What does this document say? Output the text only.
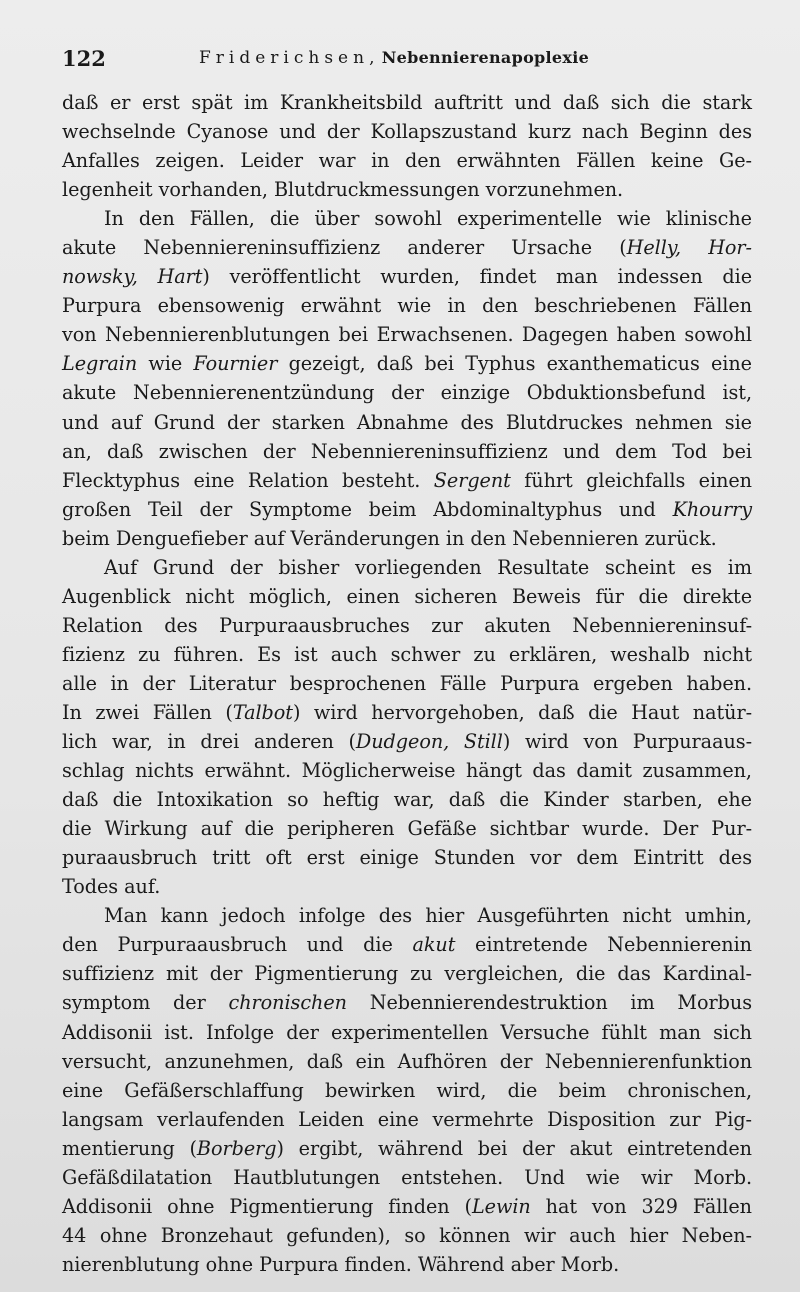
122	Friderichsen, Nebennierenapoplexie
daß er erst spät im Krankheitsbild auftritt und daß sich die stark
wechselnde Cyanose und der Kollapszustand kurz nach Beginn des
Anfalles zeigen. Leider war in den erwähnten Fällen keine Ge-
legenheit vorhanden, Blutdruckmessungen vorzunehmen.
In den Fällen, die über sowohl experimentelle wie klinische
akute Nebenniereninsuffizienz anderer Ursache (Helly, Hor-
nowsky, Hart) veröffentlicht wurden, findet man indessen die
Purpura ebensowenig erwähnt wie in den beschriebenen Fällen
von Nebennierenblutungen bei Erwachsenen. Dagegen haben sowohl
Legrain wie Fournier gezeigt, daß bei Typhus exanthematicus eine
akute Nebennierenentzündung der einzige Obduktionsbefund ist,
und auf Grund der starken Abnahme des Blutdruckes nehmen sie
an, daß zwischen der Nebenniereninsuffizienz und dem Tod bei
Flecktyphus eine Relation besteht. Sergent führt gleichfalls einen
großen Teil der Symptome beim Abdominaltyphus und Khourry
beim Denguefieber auf Veränderungen in den Nebennieren zurück.
Auf Grund der bisher vorliegenden Resultate scheint es im
Augenblick nicht möglich, einen sicheren Beweis für die direkte
Relation des Purpuraausbruches zur akuten Nebenniereninsuf-
fizienz zu führen. Es ist auch schwer zu erklären, weshalb nicht
alle in der Literatur besprochenen Fälle Purpura ergeben haben.
In zwei Fällen (Talbot) wird hervorgehoben, daß die Haut natür-
lich war, in drei anderen (Dudgeon, Still) wird von Purpuraaus-
schlag nichts erwähnt. Möglicherweise hängt das damit zusammen,
daß die Intoxikation so heftig war, daß die Kinder starben, ehe
die Wirkung auf die peripheren Gefäße sichtbar wurde. Der Pur-
puraausbruch tritt oft erst einige Stunden vor dem Eintritt des
Todes auf.
Man kann jedoch infolge des hier Ausgeführten nicht umhin,
den Purpuraausbruch und die akut eintretende Nebennierenin
suffizienz mit der Pigmentierung zu vergleichen, die das Kardinal-
symptom der chronischen Nebennierendestruktion im Morbus
Addisonii ist. Infolge der experimentellen Versuche fühlt man sich
versucht, anzunehmen, daß ein Aufhören der Nebennierenfunktion
eine Gefäßerschlaffung bewirken wird, die beim chronischen,
langsam verlaufenden Leiden eine vermehrte Disposition zur Pig-
mentierung (Borberg) ergibt, während bei der akut eintretenden
Gefäßdilatation Hautblutungen entstehen. Und wie wir Morb.
Addisonii ohne Pigmentierung finden (Lewin hat von 329 Fällen
44 ohne Bronzehaut gefunden), so können wir auch hier Neben-
nierenblutung ohne Purpura finden. Während aber Morb.
